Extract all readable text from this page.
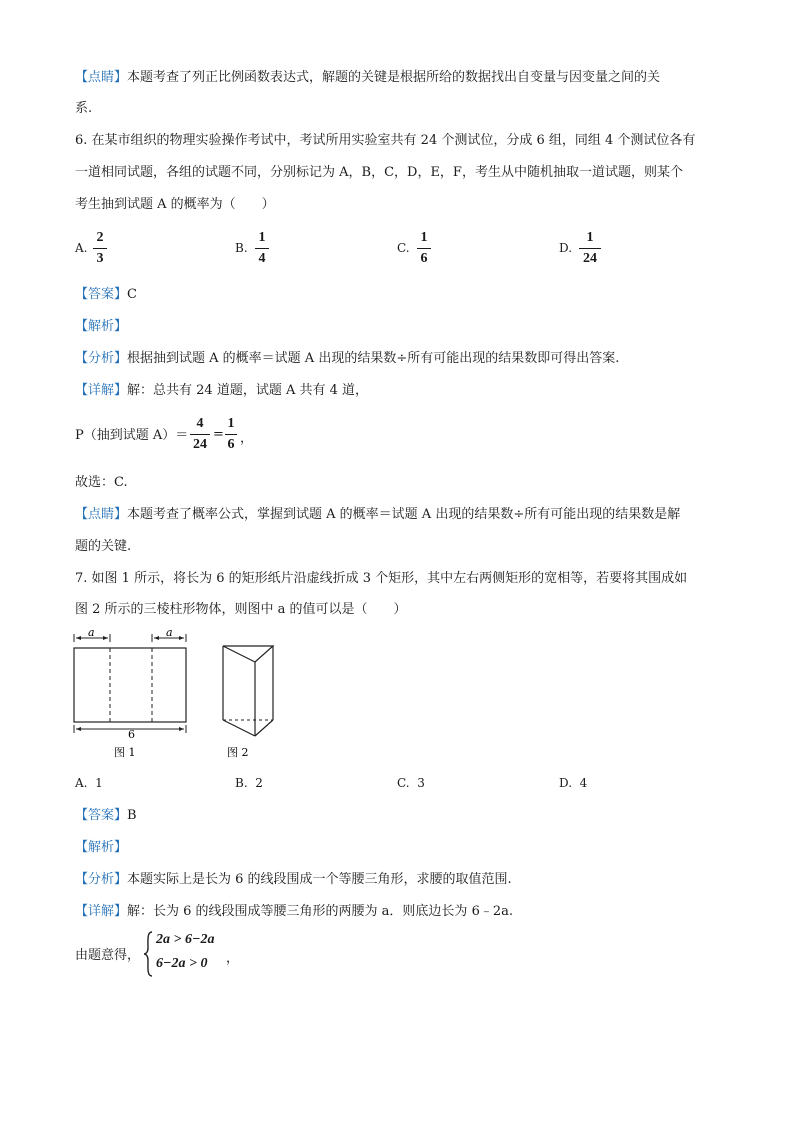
【点睛】本题考查了列正比例函数表达式，解题的关键是根据所给的数据找出自变量与因变量之间的关
系.
6. 在某市组织的物理实验操作考试中，考试所用实验室共有 24 个测试位，分成 6 组，同组 4 个测试位各有
一道相同试题，各组的试题不同，分别标记为 A，B，C，D，E，F，考生从中随机抽取一道试题，则某个
考生抽到试题 A 的概率为（　　）
A.
2
3
B.
1
4
C.
1
6
D.
1
24
【答案】C
【解析】
【分析】根据抽到试题 A 的概率＝试题 A 出现的结果数÷所有可能出现的结果数即可得出答案.
【详解】解：总共有 24 道题，试题 A 共有 4 道，
P（抽到试题 A）＝
4
24
=
1
6 ，
故选：C.
【点睛】本题考查了概率公式，掌握到试题 A 的概率＝试题 A 出现的结果数÷所有可能出现的结果数是解
题的关键.
7. 如图 1 所示，将长为 6 的矩形纸片沿虚线折成 3 个矩形，其中左右两侧矩形的宽相等，若要将其围成如
图 2 所示的三棱柱形物体，则图中 a 的值可以是（　　）
a	a
6
图 1	图 2
A. 1	B. 2	C. 3	D. 4
【答案】B
【解析】
【分析】本题实际上是长为 6 的线段围成一个等腰三角形，求腰的取值范围.
【详解】解：长为 6 的线段围成等腰三角形的两腰为 a．则底边长为 6﹣2a.
由题意得，
2a > 6−2a
6−2a > 0 ，
